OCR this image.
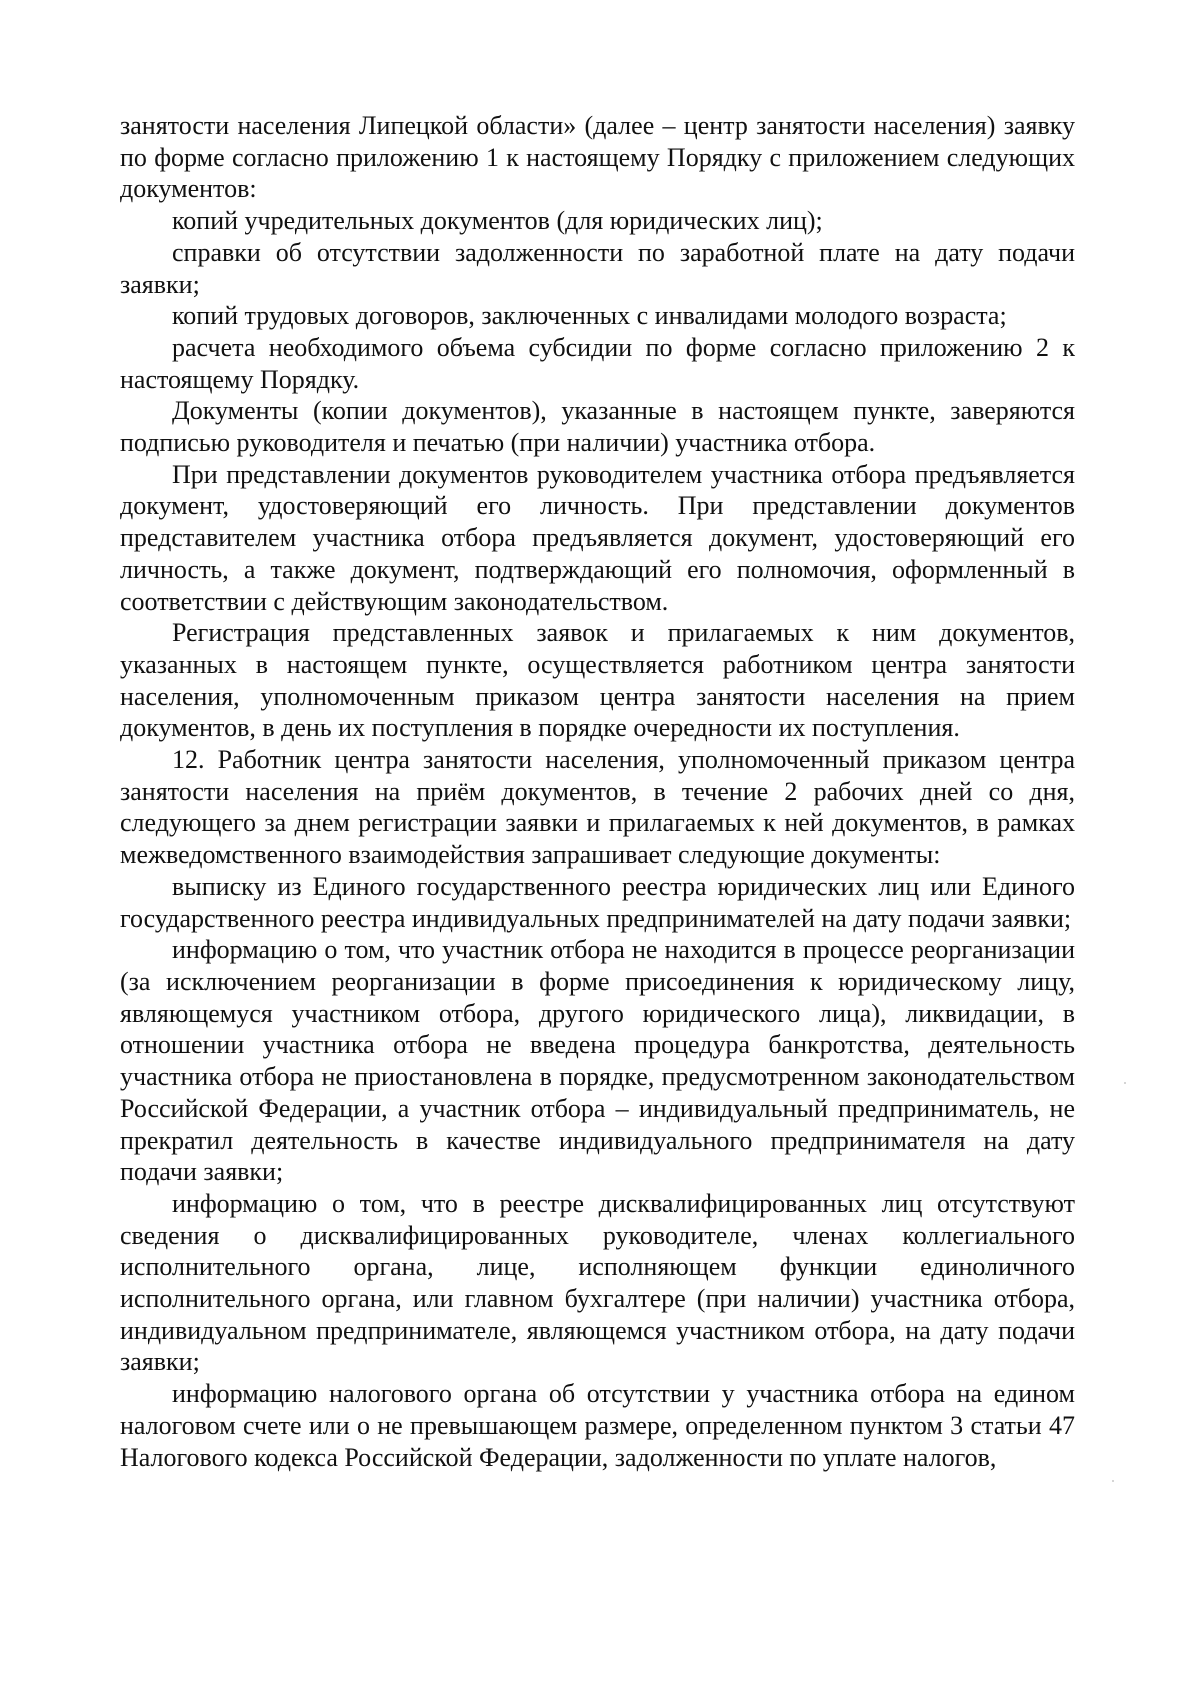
занятости населения Липецкой области» (далее – центр занятости населения) заявку по форме согласно приложению 1 к настоящему Порядку с приложением следующих документов:

копий учредительных документов (для юридических лиц);

справки об отсутствии задолженности по заработной плате на дату подачи заявки;

копий трудовых договоров, заключенных с инвалидами молодого возраста;

расчета необходимого объема субсидии по форме согласно приложению 2 к настоящему Порядку.

Документы (копии документов), указанные в настоящем пункте, заверяются подписью руководителя и печатью (при наличии) участника отбора.

При представлении документов руководителем участника отбора предъявляется документ, удостоверяющий его личность. При представлении документов представителем участника отбора предъявляется документ, удостоверяющий его личность, а также документ, подтверждающий его полномочия, оформленный в соответствии с действующим законодательством.

Регистрация представленных заявок и прилагаемых к ним документов, указанных в настоящем пункте, осуществляется работником центра занятости населения, уполномоченным приказом центра занятости населения на прием документов, в день их поступления в порядке очередности их поступления.

12. Работник центра занятости населения, уполномоченный приказом центра занятости населения на приём документов, в течение 2 рабочих дней со дня, следующего за днем регистрации заявки и прилагаемых к ней документов, в рамках межведомственного взаимодействия запрашивает следующие документы:

выписку из Единого государственного реестра юридических лиц или Единого государственного реестра индивидуальных предпринимателей на дату подачи заявки;

информацию о том, что участник отбора не находится в процессе реорганизации (за исключением реорганизации в форме присоединения к юридическому лицу, являющемуся участником отбора, другого юридического лица), ликвидации, в отношении участника отбора не введена процедура банкротства, деятельность участника отбора не приостановлена в порядке, предусмотренном законодательством Российской Федерации, а участник отбора – индивидуальный предприниматель, не прекратил деятельность в качестве индивидуального предпринимателя на дату подачи заявки;

информацию о том, что в реестре дисквалифицированных лиц отсутствуют сведения о дисквалифицированных руководителе, членах коллегиального исполнительного органа, лице, исполняющем функции единоличного исполнительного органа, или главном бухгалтере (при наличии) участника отбора, индивидуальном предпринимателе, являющемся участником отбора, на дату подачи заявки;

информацию налогового органа об отсутствии у участника отбора на едином налоговом счете или о не превышающем размере, определенном пунктом 3 статьи 47 Налогового кодекса Российской Федерации, задолженности по уплате налогов,
